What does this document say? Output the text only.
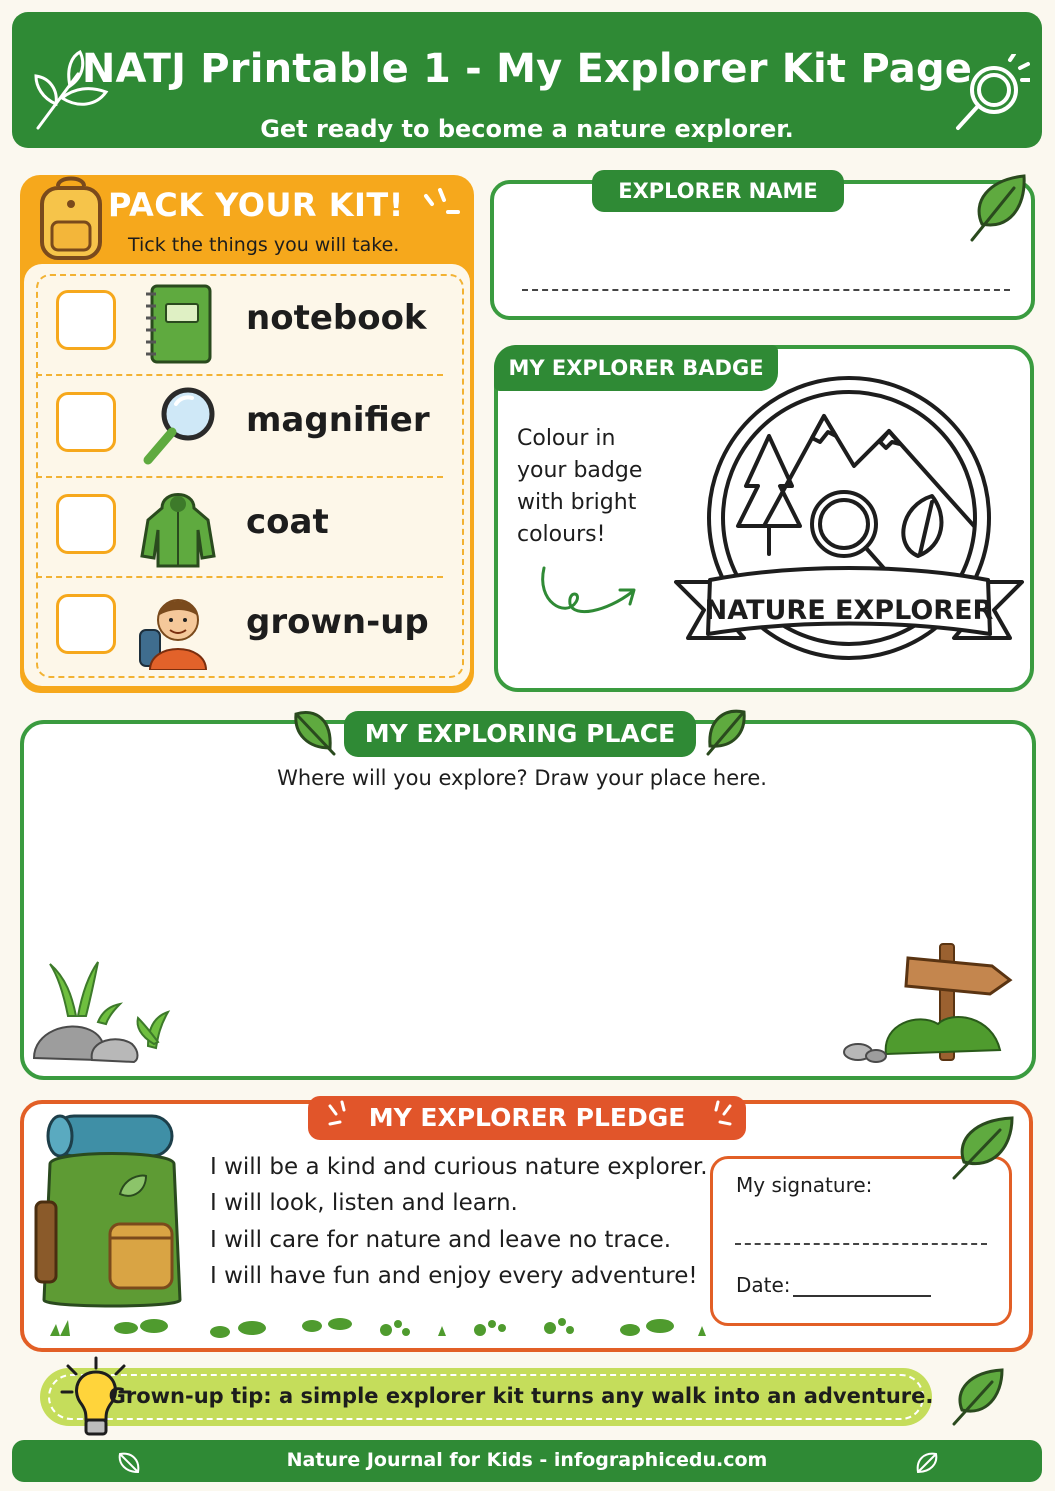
NATJ Printable 1 - My Explorer Kit Page
Get ready to become a nature explorer.
PACK YOUR KIT!
Tick the things you will take.
notebook
magnifier
coat
grown-up
EXPLORER NAME
MY EXPLORER BADGE
Colour in
your badge
with bright
colours!
NATURE EXPLORER
MY EXPLORING PLACE
Where will you explore? Draw your place here.
MY EXPLORER PLEDGE
I will be a kind and curious nature explorer.
I will look, listen and learn.
I will care for nature and leave no trace.
I will have fun and enjoy every adventure!
My signature:
Date:
Grown-up tip: a simple explorer kit turns any walk into an adventure.
Nature Journal for Kids - infographicedu.com
